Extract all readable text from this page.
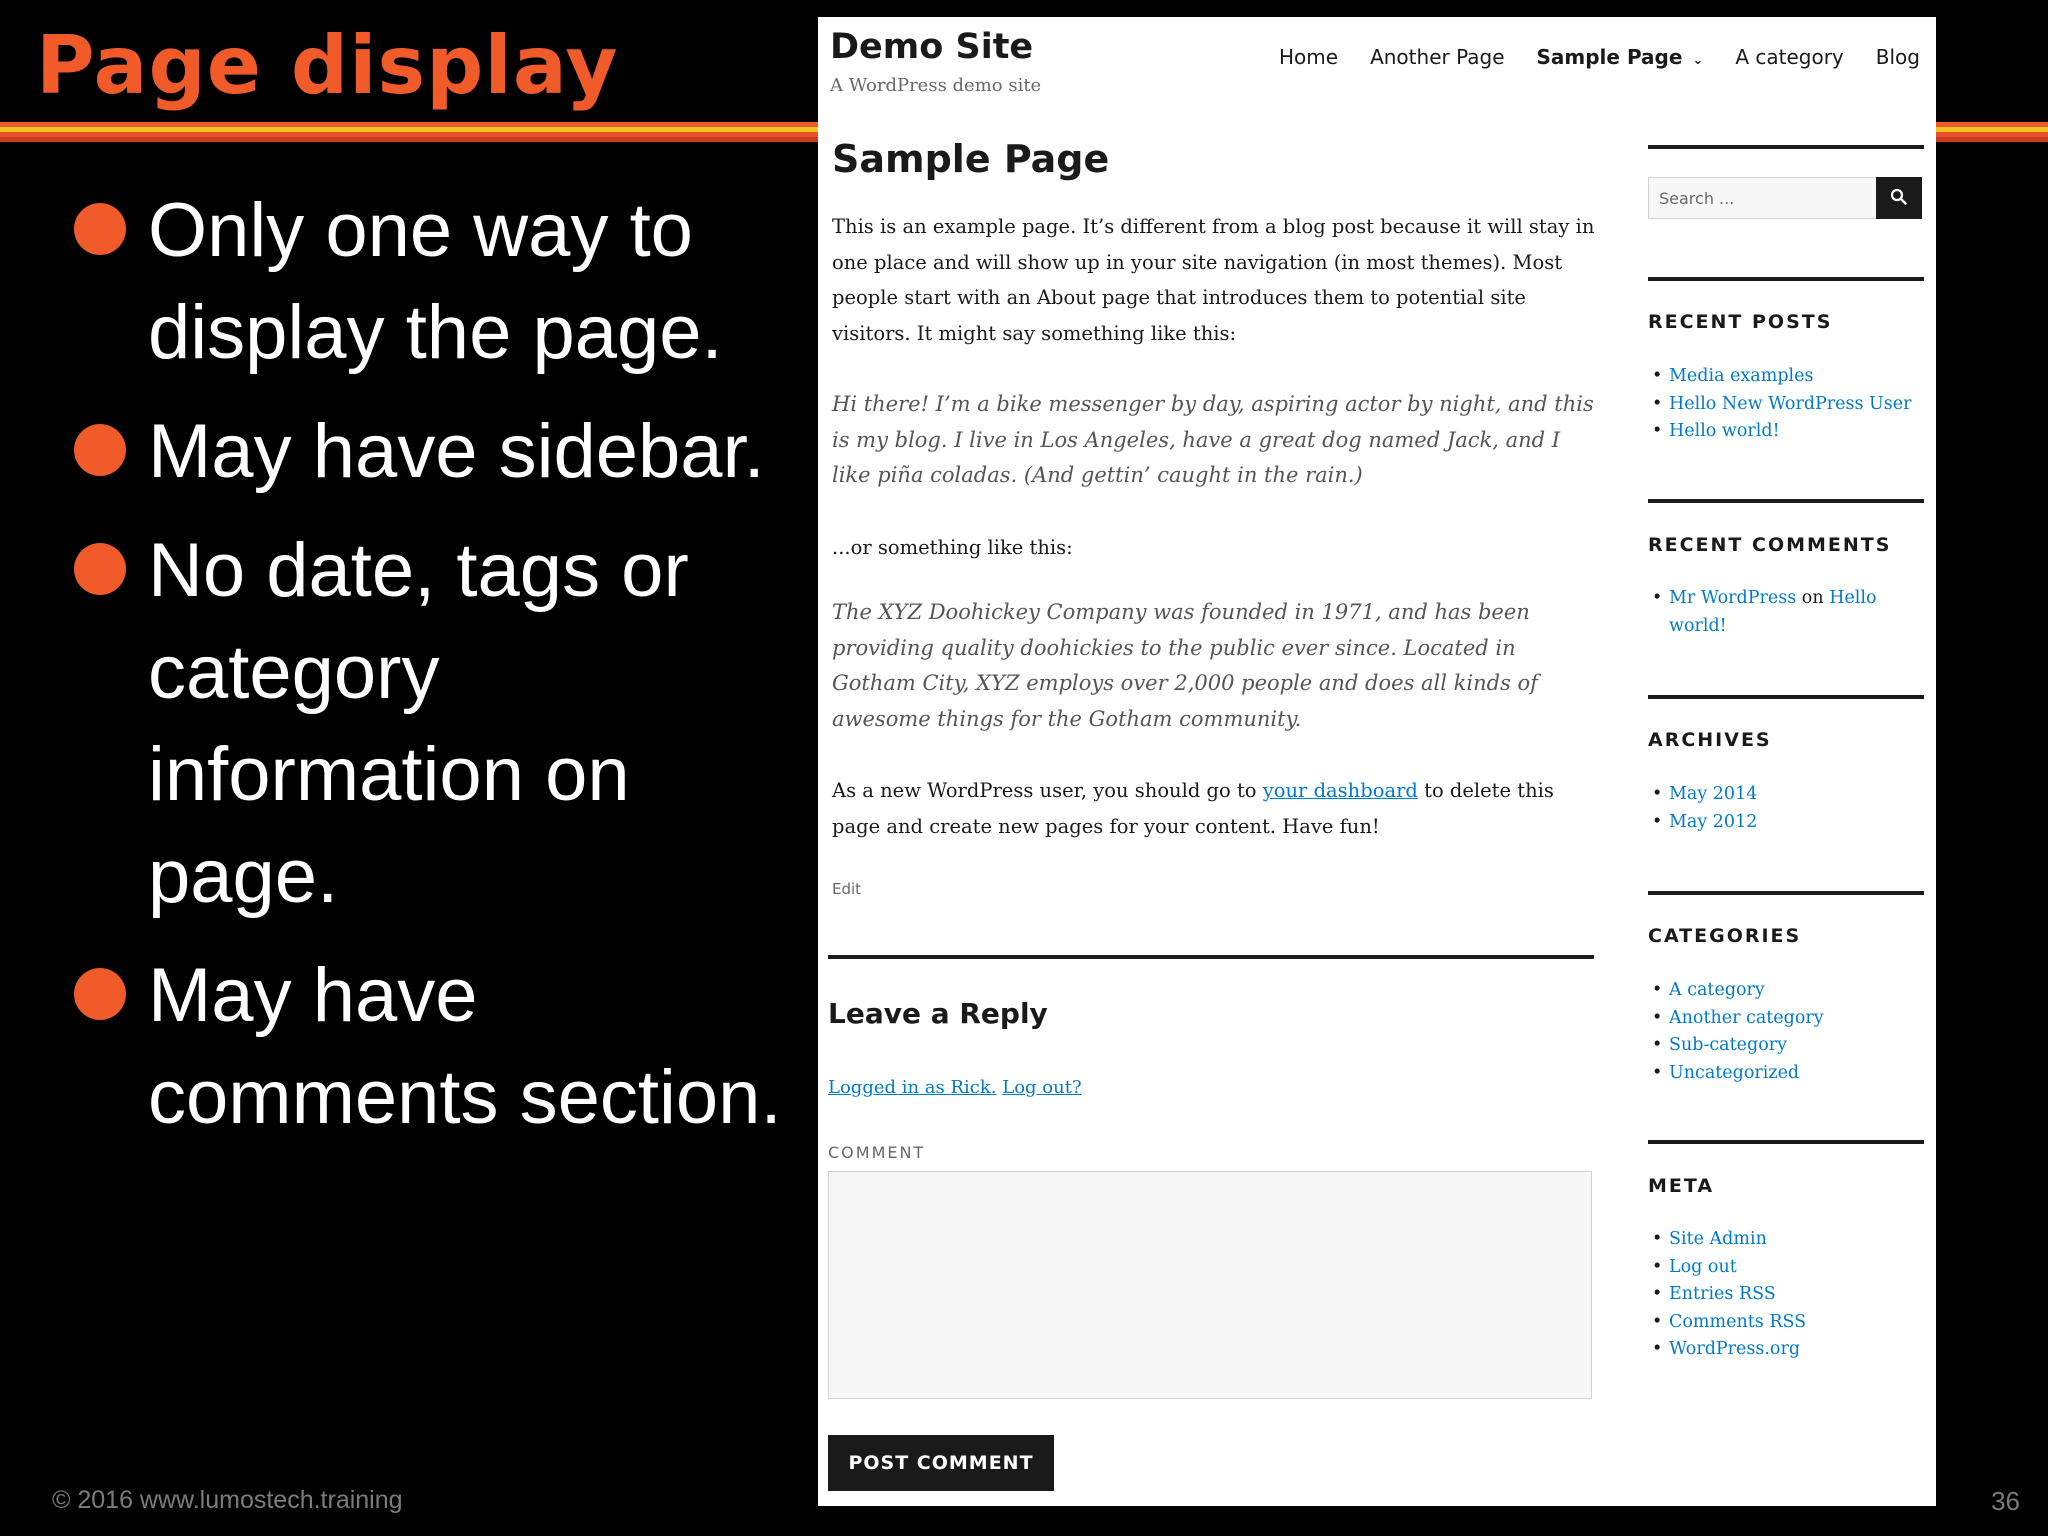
Page display
Only one way to display the page.
May have sidebar.
No date, tags or category information on page.
May have comments section.
© 2016 www.lumostech.training	36
Demo Site
A WordPress demo site
Home Another Page Sample Page ⌄ A category Blog
Sample Page

This is an example page. It’s different from a blog post because it will stay in one place and will show up in your site navigation (in most themes). Most people start with an About page that introduces them to potential site visitors. It might say something like this:

Hi there! I’m a bike messenger by day, aspiring actor by night, and this is my blog. I live in Los Angeles, have a great dog named Jack, and I like piña coladas. (And gettin’ caught in the rain.)

...or something like this:

The XYZ Doohickey Company was founded in 1971, and has been providing quality doohickies to the public ever since. Located in Gotham City, XYZ employs over 2,000 people and does all kinds of awesome things for the Gotham community.

As a new WordPress user, you should go to your dashboard to delete this page and create new pages for your content. Have fun!

Edit
Leave a Reply
Logged in as Rick. Log out?
COMMENT
POST COMMENT
Search ...
RECENT POSTS
• Media examples
• Hello New WordPress User
• Hello world!
RECENT COMMENTS
• Mr WordPress on Hello world!
ARCHIVES
• May 2014
• May 2012
CATEGORIES
• A category
• Another category
• Sub-category
• Uncategorized
META
• Site Admin
• Log out
• Entries RSS
• Comments RSS
• WordPress.org
